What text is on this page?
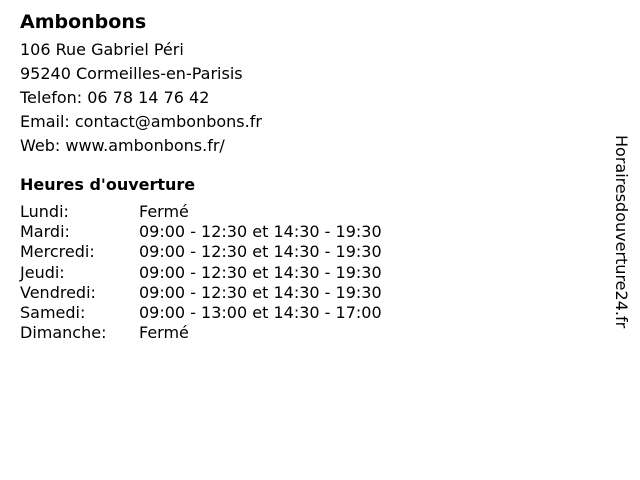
Ambonbons
106 Rue Gabriel Péri
95240 Cormeilles-en-Parisis
Telefon: 06 78 14 76 42
Email: contact@ambonbons.fr
Web: www.ambonbons.fr/
Heures d'ouverture
Lundi:	Fermé
Mardi:	09:00 - 12:30 et 14:30 - 19:30
Mercredi:	09:00 - 12:30 et 14:30 - 19:30
Jeudi:	09:00 - 12:30 et 14:30 - 19:30
Vendredi:	09:00 - 12:30 et 14:30 - 19:30
Samedi:	09:00 - 13:00 et 14:30 - 17:00
Dimanche:	Fermé
Horairesdouverture24.fr
